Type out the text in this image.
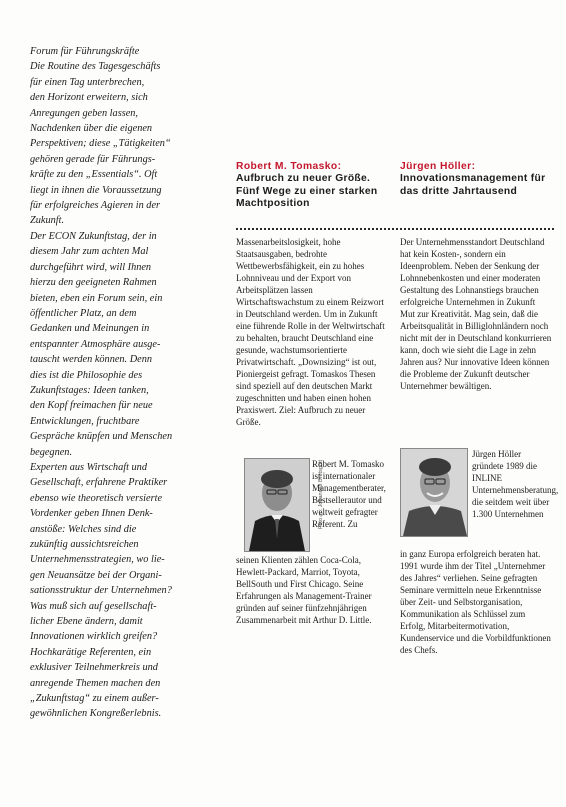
Forum für Führungskräfte

Die Routine des Tagesgeschäfts
für einen Tag unterbrechen,
den Horizont erweitern, sich
Anregungen geben lassen,
Nachdenken über die eigenen
Perspektiven; diese „Tätigkeiten“
gehören gerade für Führungs-
kräfte zu den „Essentials“. Oft
liegt in ihnen die Voraussetzung
für erfolgreiches Agieren in der
Zukunft.
Der ECON Zukunftstag, der in
diesem Jahr zum achten Mal
durchgeführt wird, will Ihnen
hierzu den geeigneten Rahmen
bieten, eben ein Forum sein, ein
öffentlicher Platz, an dem
Gedanken und Meinungen in
entspannter Atmosphäre ausge-
tauscht werden können. Denn
dies ist die Philosophie des
Zukunftstages: Ideen tanken,
den Kopf freimachen für neue
Entwicklungen, fruchtbare
Gespräche knüpfen und Menschen
begegnen.
Experten aus Wirtschaft und
Gesellschaft, erfahrene Praktiker
ebenso wie theoretisch versierte
Vordenker geben Ihnen Denk-
anstöße: Welches sind die
zukünftig aussichtsreichen
Unternehmensstrategien, wo lie-
gen Neuansätze bei der Organi-
sationsstruktur der Unternehmen?
Was muß sich auf gesellschaft-
licher Ebene ändern, damit
Innovationen wirklich greifen?
Hochkarätige Referenten, ein
exklusiver Teilnehmerkreis und
anregende Themen machen den
„Zukunftstag“ zu einem außer-
gewöhnlichen Kongreßerlebnis.

Robert M. Tomasko:

Aufbruch zu neuer Größe. Fünf Wege zu einer starken Machtposition

Massenarbeitslosigkeit, hohe Staatsausgaben, bedrohte Wettbewerbsfähigkeit, ein zu hohes Lohnniveau und der Export von Arbeitsplätzen lassen Wirtschaftswachstum zu einem Reizwort in Deutschland werden. Um in Zukunft eine führende Rolle in der Weltwirtschaft zu behalten, braucht Deutschland eine gesunde, wachstumsorientierte Privatwirtschaft. „Downsizing“ ist out, Pioniergeist gefragt. Tomaskos Thesen sind speziell auf den deutschen Markt zugeschnitten und haben einen hohen Praxiswert. Ziel: Aufbruch zu neuer Größe.

Foto ©: Johannes Bretsgott

Robert M. Tomasko ist internationaler Managementberater, Bestsellerautor und weltweit gefragter Referent. Zu

seinen Klienten zählen Coca-Cola, Hewlett-Packard, Marriot, Toyota, BellSouth und First Chicago. Seine Erfahrungen als Management-Trainer gründen auf seiner fünfzehnjährigen Zusammenarbeit mit Arthur D. Little.

Jürgen Höller:

Innovationsmanagement für das dritte Jahrtausend

Der Unternehmensstandort Deutschland hat kein Kosten-, sondern ein Ideenproblem. Neben der Senkung der Lohnnebenkosten und einer moderaten Gestaltung des Lohnanstiegs brauchen erfolgreiche Unternehmen in Zukunft Mut zur Kreativität. Mag sein, daß die Arbeitsqualität in Billiglohnländern noch nicht mit der in Deutschland konkurrieren kann, doch wie sieht die Lage in zehn Jahren aus? Nur innovative Ideen können die Probleme der Zukunft deutscher Unternehmer bewältigen.

Jürgen Höller gründete 1989 die INLINE Unternehmensberatung, die seitdem weit über 1.300 Unternehmen

in ganz Europa erfolgreich beraten hat. 1991 wurde ihm der Titel „Unternehmer des Jahres“ verliehen. Seine gefragten Seminare vermitteln neue Erkenntnisse über Zeit- und Selbstorganisation, Kommunikation als Schlüssel zum Erfolg, Mitarbeitermotivation, Kundenservice und die Vorbildfunktionen des Chefs.
